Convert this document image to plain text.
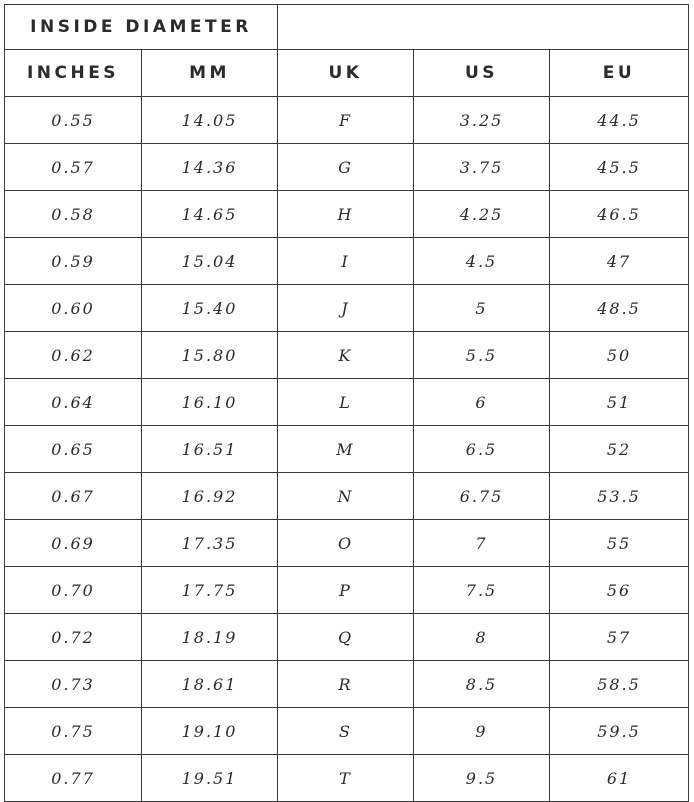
INSIDE DIAMETER				
INCHES	MM	UK	US	EU
0.55	14.05	F	3.25	44.5
0.57	14.36	G	3.75	45.5
0.58	14.65	H	4.25	46.5
0.59	15.04	I	4.5	47
0.60	15.40	J	5	48.5
0.62	15.80	K	5.5	50
0.64	16.10	L	6	51
0.65	16.51	M	6.5	52
0.67	16.92	N	6.75	53.5
0.69	17.35	O	7	55
0.70	17.75	P	7.5	56
0.72	18.19	Q	8	57
0.73	18.61	R	8.5	58.5
0.75	19.10	S	9	59.5
0.77	19.51	T	9.5	61
